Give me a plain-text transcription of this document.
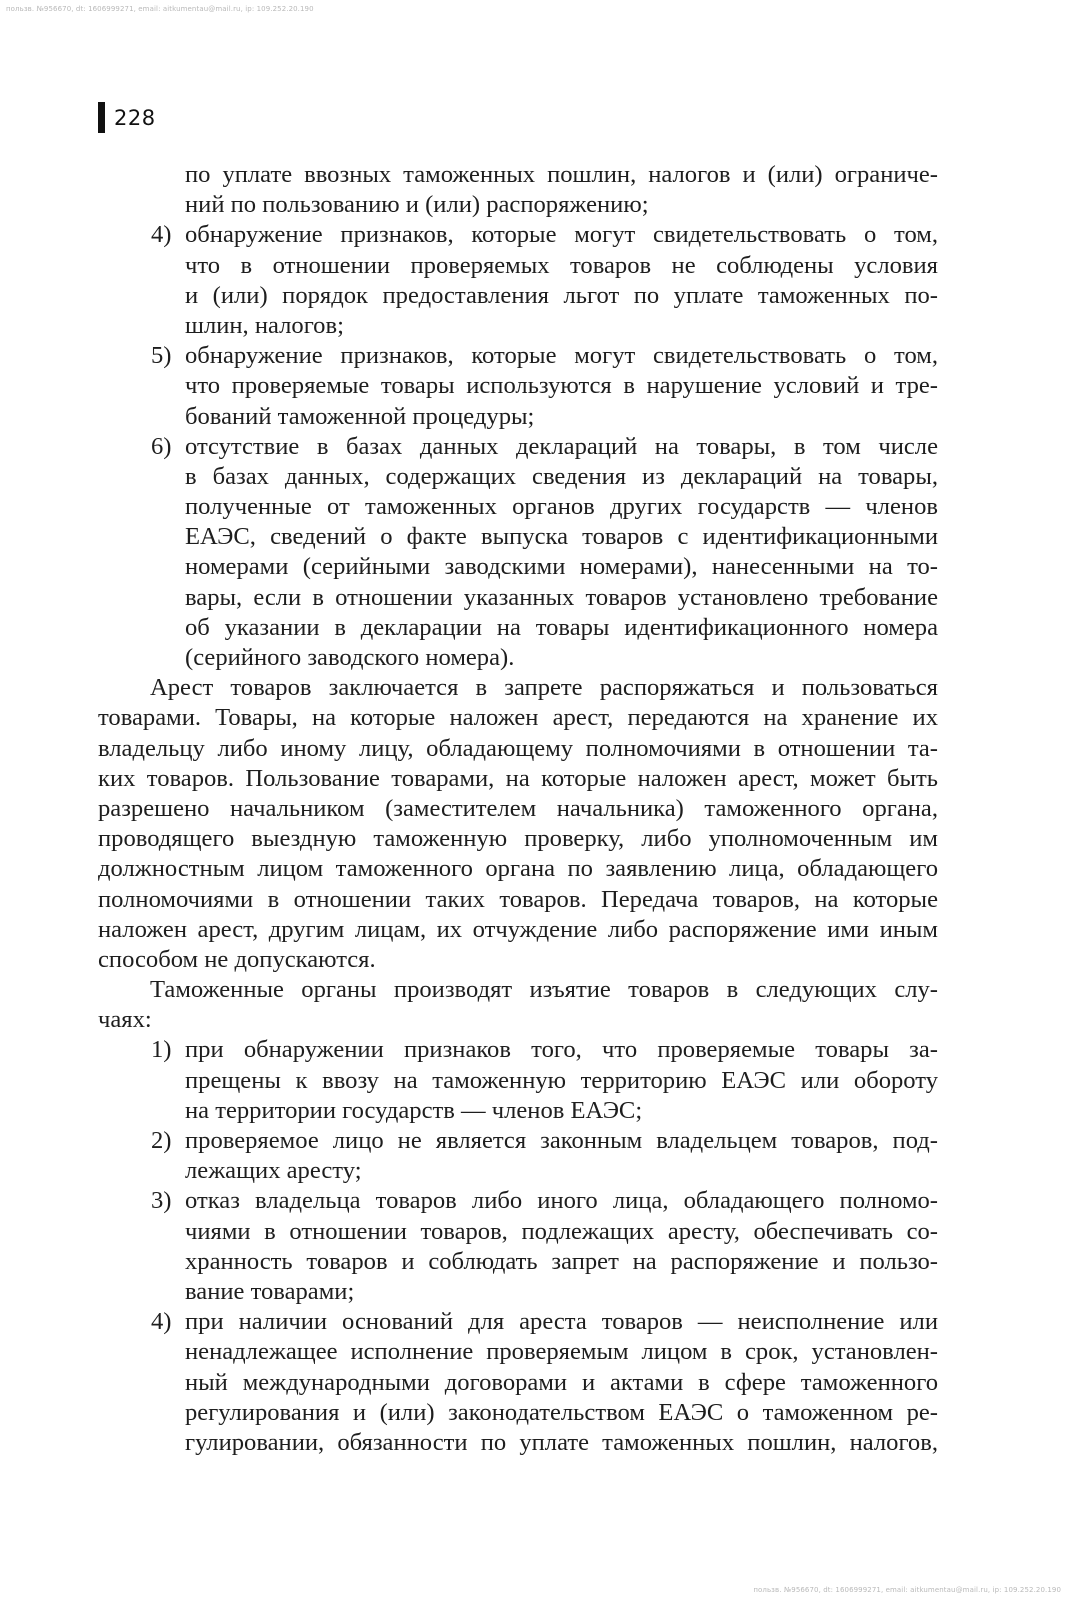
пользв. №956670, dt: 1606999271, email: aitkumentau@mail.ru, ip: 109.252.20.190
228
по уплате ввозных таможенных пошлин, налогов и (или) ограниче-
ний по пользованию и (или) распоряжению;
4) обнаружение признаков, которые могут свидетельствовать о том,
что в отношении проверяемых товаров не соблюдены условия
и (или) порядок предоставления льгот по уплате таможенных по-
шлин, налогов;
5) обнаружение признаков, которые могут свидетельствовать о том,
что проверяемые товары используются в нарушение условий и тре-
бований таможенной процедуры;
6) отсутствие в базах данных деклараций на товары, в том числе
в базах данных, содержащих сведения из деклараций на товары,
полученные от таможенных органов других государств — членов
ЕАЭС, сведений о факте выпуска товаров с идентификационными
номерами (серийными заводскими номерами), нанесенными на то-
вары, если в отношении указанных товаров установлено требование
об указании в декларации на товары идентификационного номера
(серийного заводского номера).
Арест товаров заключается в запрете распоряжаться и пользоваться
товарами. Товары, на которые наложен арест, передаются на хранение их
владельцу либо иному лицу, обладающему полномочиями в отношении та-
ких товаров. Пользование товарами, на которые наложен арест, может быть
разрешено начальником (заместителем начальника) таможенного органа,
проводящего выездную таможенную проверку, либо уполномоченным им
должностным лицом таможенного органа по заявлению лица, обладающего
полномочиями в отношении таких товаров. Передача товаров, на которые
наложен арест, другим лицам, их отчуждение либо распоряжение ими иным
способом не допускаются.
Таможенные органы производят изъятие товаров в следующих слу-
чаях:
1) при обнаружении признаков того, что проверяемые товары за-
прещены к ввозу на таможенную территорию ЕАЭС или обороту
на территории государств — членов ЕАЭС;
2) проверяемое лицо не является законным владельцем товаров, под-
лежащих аресту;
3) отказ владельца товаров либо иного лица, обладающего полномо-
чиями в отношении товаров, подлежащих аресту, обеспечивать со-
хранность товаров и соблюдать запрет на распоряжение и пользо-
вание товарами;
4) при наличии оснований для ареста товаров — неисполнение или
ненадлежащее исполнение проверяемым лицом в срок, установлен-
ный международными договорами и актами в сфере таможенного
регулирования и (или) законодательством ЕАЭС о таможенном ре-
гулировании, обязанности по уплате таможенных пошлин, налогов,
пользв. №956670, dt: 1606999271, email: aitkumentau@mail.ru, ip: 109.252.20.190
